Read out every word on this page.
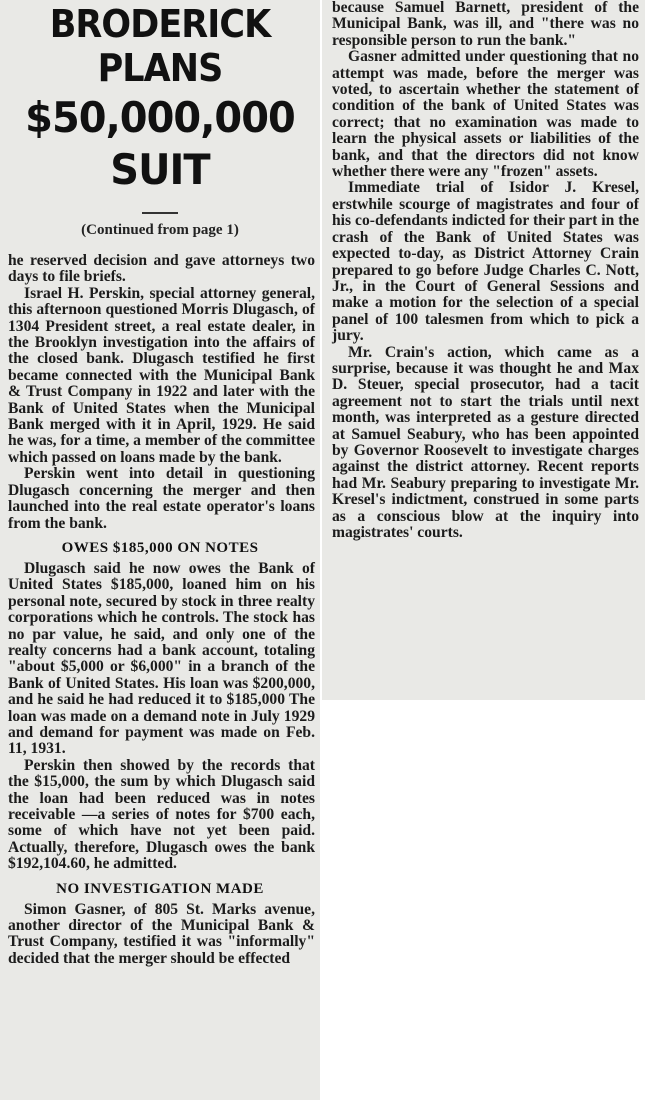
BRODERICK PLANS
$50,000,000 SUIT
(Continued from page 1)

he reserved decision and gave attorneys two days to file briefs.

Israel H. Perskin, special attorney general, this afternoon questioned Morris Dlugasch, of 1304 President street, a real estate dealer, in the Brooklyn investigation into the affairs of the closed bank. Dlugasch testified he first became connected with the Municipal Bank & Trust Company in 1922 and later with the Bank of United States when the Municipal Bank merged with it in April, 1929. He said he was, for a time, a member of the committee which passed on loans made by the bank.

Perskin went into detail in questioning Dlugasch concerning the merger and then launched into the real estate operator's loans from the bank.

OWES $185,000 ON NOTES

Dlugasch said he now owes the Bank of United States $185,000, loaned him on his personal note, secured by stock in three realty corporations which he controls. The stock has no par value, he said, and only one of the realty concerns had a bank account, totaling "about $5,000 or $6,000" in a branch of the Bank of United States. His loan was $200,000, and he said he had reduced it to $185,000 The loan was made on a demand note in July 1929 and demand for payment was made on Feb. 11, 1931.

Perskin then showed by the records that the $15,000, the sum by which Dlugasch said the loan had been reduced was in notes receivable —a series of notes for $700 each, some of which have not yet been paid. Actually, therefore, Dlugasch owes the bank $192,104.60, he admitted.

NO INVESTIGATION MADE

Simon Gasner, of 805 St. Marks avenue, another director of the Municipal Bank & Trust Company, testified it was "informally" decided that the merger should be effected

because Samuel Barnett, president of the Municipal Bank, was ill, and "there was no responsible person to run the bank."

Gasner admitted under questioning that no attempt was made, before the merger was voted, to ascertain whether the statement of condition of the bank of United States was correct; that no examination was made to learn the physical assets or liabilities of the bank, and that the directors did not know whether there were any "frozen" assets.

Immediate trial of Isidor J. Kresel, erstwhile scourge of magistrates and four of his co-defendants indicted for their part in the crash of the Bank of United States was expected to-day, as District Attorney Crain prepared to go before Judge Charles C. Nott, Jr., in the Court of General Sessions and make a motion for the selection of a special panel of 100 talesmen from which to pick a jury.

Mr. Crain's action, which came as a surprise, because it was thought he and Max D. Steuer, special prosecutor, had a tacit agreement not to start the trials until next month, was interpreted as a gesture directed at Samuel Seabury, who has been appointed by Governor Roosevelt to investigate charges against the district attorney. Recent reports had Mr. Seabury preparing to investigate Mr. Kresel's indictment, construed in some parts as a conscious blow at the inquiry into magistrates' courts.
